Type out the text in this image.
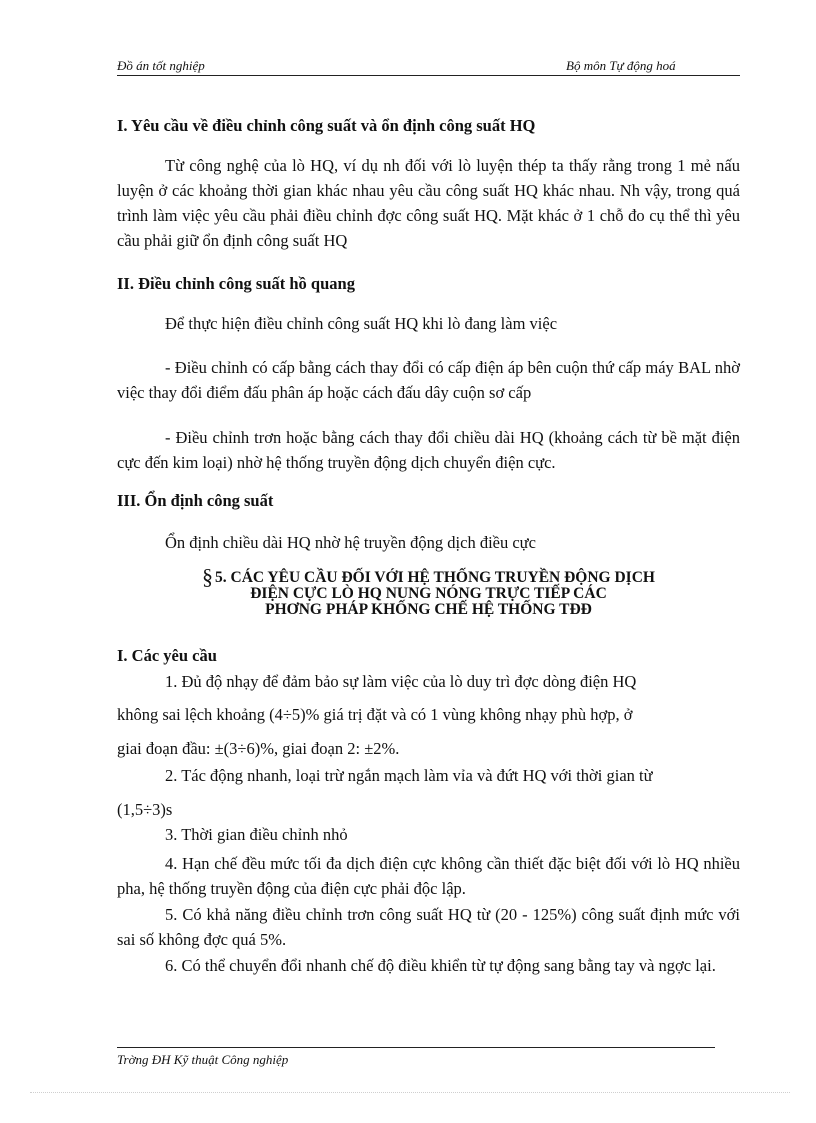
Đồ án tốt nghiệp	Bộ môn Tự động hoá
I. Yêu cầu về điều chỉnh công suất và ổn định công suất HQ
Từ công nghệ của lò HQ, ví dụ nh đối với lò luyện thép ta thấy rằng trong 1 mẻ nấu luyện ở các khoảng thời gian khác nhau yêu cầu công suất HQ khác nhau. Nh vậy, trong quá trình làm việc yêu cầu phải điều chỉnh đợc công suất HQ. Mặt khác ở 1 chỗ đo cụ thể thì yêu cầu phải giữ ổn định công suất HQ
II. Điều chỉnh công suất hồ quang
Để thực hiện điều chỉnh công suất HQ khi lò đang làm việc
- Điều chỉnh có cấp bằng cách thay đổi có cấp điện áp bên cuộn thứ cấp máy BAL nhờ việc thay đổi điểm đấu phân áp hoặc cách đấu dây cuộn sơ cấp
- Điều chỉnh trơn hoặc bằng cách thay đổi chiều dài HQ (khoảng cách từ bề mặt điện cực đến kim loại) nhờ hệ thống truyền động dịch chuyển điện cực.
III. Ổn định công suất
Ổn định chiều dài HQ nhờ hệ truyền động dịch điều cực
§ 5. CÁC YÊU CẦU ĐỐI VỚI HỆ THỐNG TRUYỀN ĐỘNG DỊCH
ĐIỆN CỰC LÒ HQ NUNG NÓNG TRỰC TIẾP CÁC
PHƠNG PHÁP KHỐNG CHẾ HỆ THỐNG TĐĐ
I. Các yêu cầu
1. Đủ độ nhạy để đảm bảo sự làm việc của lò duy trì đợc dòng điện HQ
không sai lệch khoảng (4÷5)% giá trị đặt và có 1 vùng không nhạy phù hợp, ở
giai đoạn đầu: ±(3÷6)%, giai đoạn 2: ±2%.
2. Tác động nhanh, loại trừ ngắn mạch làm vỉa và đứt HQ với thời gian từ
(1,5÷3)s
3. Thời gian điều chỉnh nhỏ
4. Hạn chế đều mức tối đa dịch điện cực không cần thiết đặc biệt đối với lò HQ nhiều pha, hệ thống truyền động của điện cực phải độc lập.
5. Có khả năng điều chỉnh trơn công suất HQ từ (20 - 125%) công suất định mức với sai số không đợc quá 5%.
6. Có thể chuyển đổi nhanh chế độ điều khiển từ tự động sang bằng tay và ngợc lại.
Trờng ĐH Kỹ thuật Công nghiệp
